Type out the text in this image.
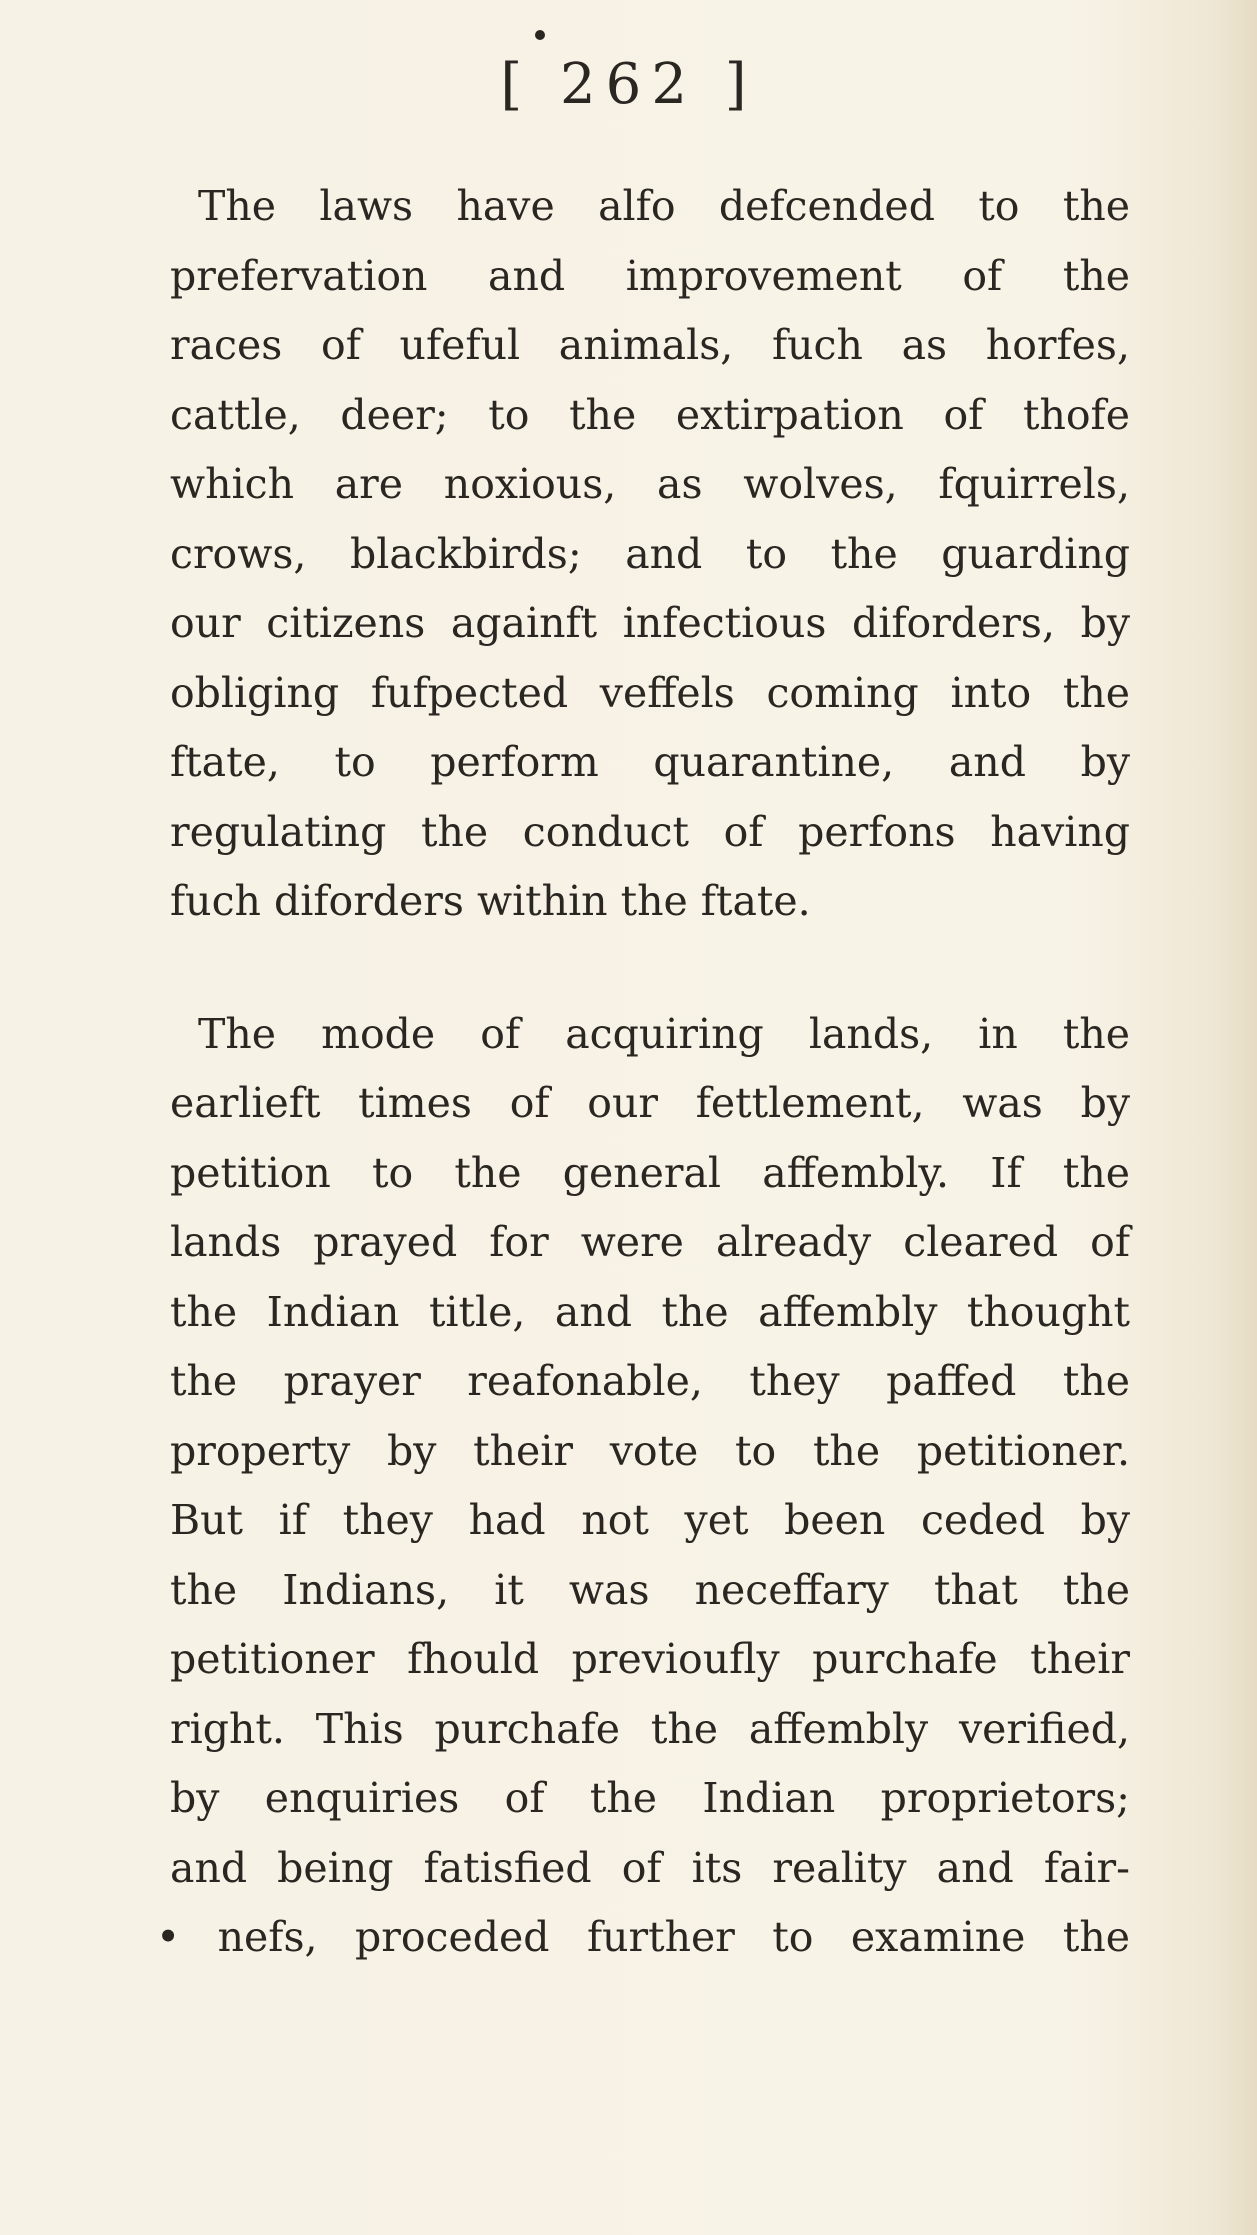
[ 262 ]
The laws have alfo defcended to the
prefervation and improvement of the
races of ufeful animals, fuch as horfes,
cattle, deer; to the extirpation of thofe
which are noxious, as wolves, fquirrels,
crows, blackbirds; and to the guarding
our citizens againft infectious diforders, by
obliging fufpected veffels coming into the
ftate, to perform quarantine, and by
regulating the conduct of perfons having
fuch diforders within the ftate.
The mode of acquiring lands, in the
earlieft times of our fettlement, was by
petition to the general affembly. If the
lands prayed for were already cleared of
the Indian title, and the affembly thought
the prayer reafonable, they paffed the
property by their vote to the petitioner.
But if they had not yet been ceded by
the Indians, it was neceffary that the
petitioner fhould previoufly purchafe their
right. This purchafe the affembly verified,
by enquiries of the Indian proprietors;
and being fatisfied of its reality and fair-
• nefs, proceded further to examine the
